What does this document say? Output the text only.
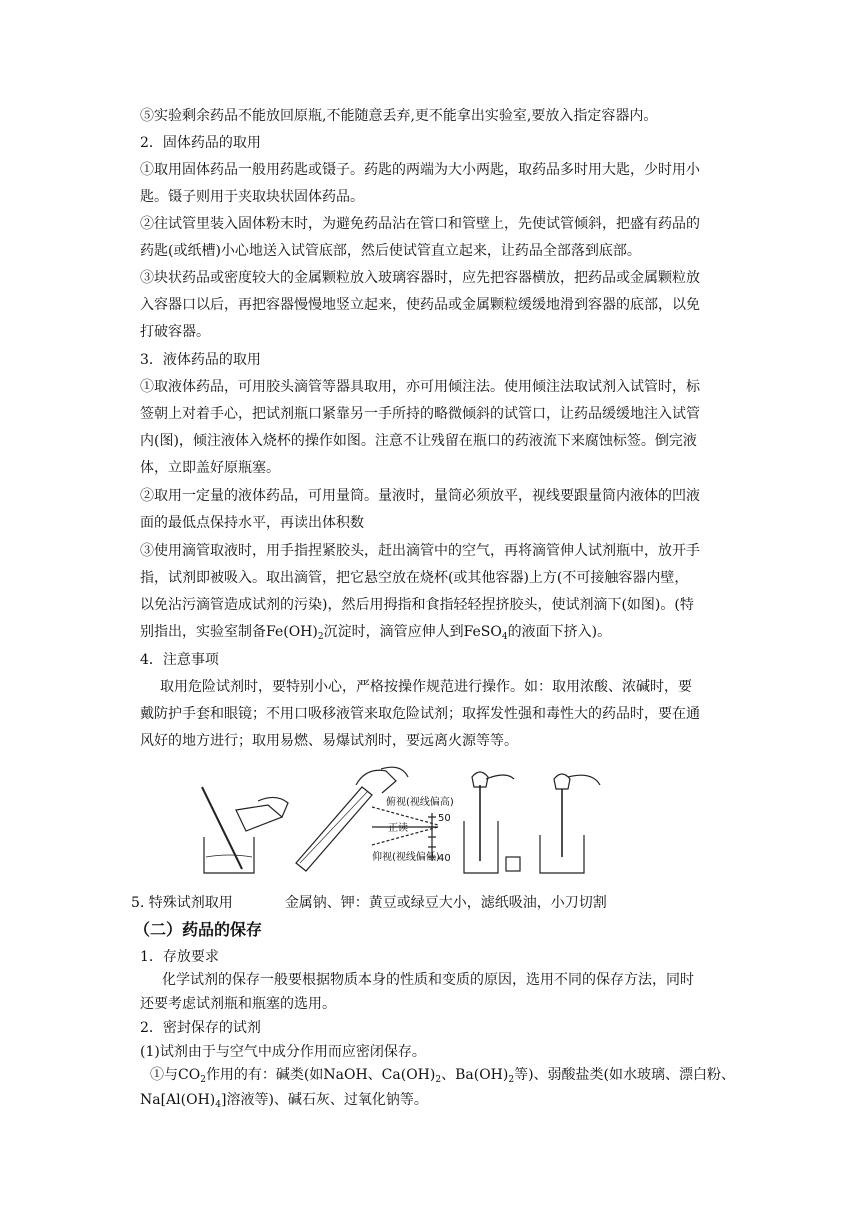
⑤实验剩余药品不能放回原瓶,不能随意丢弃,更不能拿出实验室,要放入指定容器内。
2．固体药品的取用
①取用固体药品一般用药匙或镊子。药匙的两端为大小两匙，取药品多时用大匙，少时用小
匙。镊子则用于夹取块状固体药品。
②往试管里装入固体粉末时，为避免药品沾在管口和管壁上，先使试管倾斜，把盛有药品的
药匙(或纸槽)小心地送入试管底部，然后使试管直立起来，让药品全部落到底部。
③块状药品或密度较大的金属颗粒放入玻璃容器时，应先把容器横放，把药品或金属颗粒放
入容器口以后，再把容器慢慢地竖立起来，使药品或金属颗粒缓缓地滑到容器的底部，以免
打破容器。
3．液体药品的取用
①取液体药品，可用胶头滴管等器具取用，亦可用倾注法。使用倾注法取试剂入试管时，标
签朝上对着手心，把试剂瓶口紧靠另一手所持的略微倾斜的试管口，让药品缓缓地注入试管
内(图)，倾注液体入烧杯的操作如图。注意不让残留在瓶口的药液流下来腐蚀标签。倒完液
体，立即盖好原瓶塞。
②取用一定量的液体药品，可用量筒。量液时，量筒必须放平，视线要跟量筒内液体的凹液
面的最低点保持水平，再读出体积数
③使用滴管取液时，用手指捏紧胶头，赶出滴管中的空气，再将滴管伸人试剂瓶中，放开手
指，试剂即被吸入。取出滴管，把它悬空放在烧杯(或其他容器)上方(不可接触容器内壁，
以免沾污滴管造成试剂的污染)，然后用拇指和食指轻轻捏挤胶头，使试剂滴下(如图)。(特
别指出，实验室制备$Fe(OH)_2$沉淀时，滴管应伸人到FeSO$_4$的液面下挤入)。
4．注意事项
取用危险试剂时，要特别小心，严格按操作规范进行操作。如：取用浓酸、浓碱时，要
戴防护手套和眼镜；不用口吸移液管来取危险试剂；取挥发性强和毒性大的药品时，要在通
风好的地方进行；取用易燃、易爆试剂时，要远离火源等等。
俯视(视线偏高)
正读
仰视(视线偏低)
50
40
5. 特殊试剂取用	金属钠、钾：黄豆或绿豆大小，滤纸吸油，小刀切割
（二）药品的保存
1．存放要求
化学试剂的保存一般要根据物质本身的性质和变质的原因，选用不同的保存方法，同时
还要考虑试剂瓶和瓶塞的选用。
2．密封保存的试剂
(1)试剂由于与空气中成分作用而应密闭保存。
①与$CO_2$作用的有：碱类(如NaOH、$Ca(OH)_2$、$Ba(OH)_2$等)、弱酸盐类(如水玻璃、漂白粉、
$Na[Al(OH)_4]$溶液等)、碱石灰、过氧化钠等。
